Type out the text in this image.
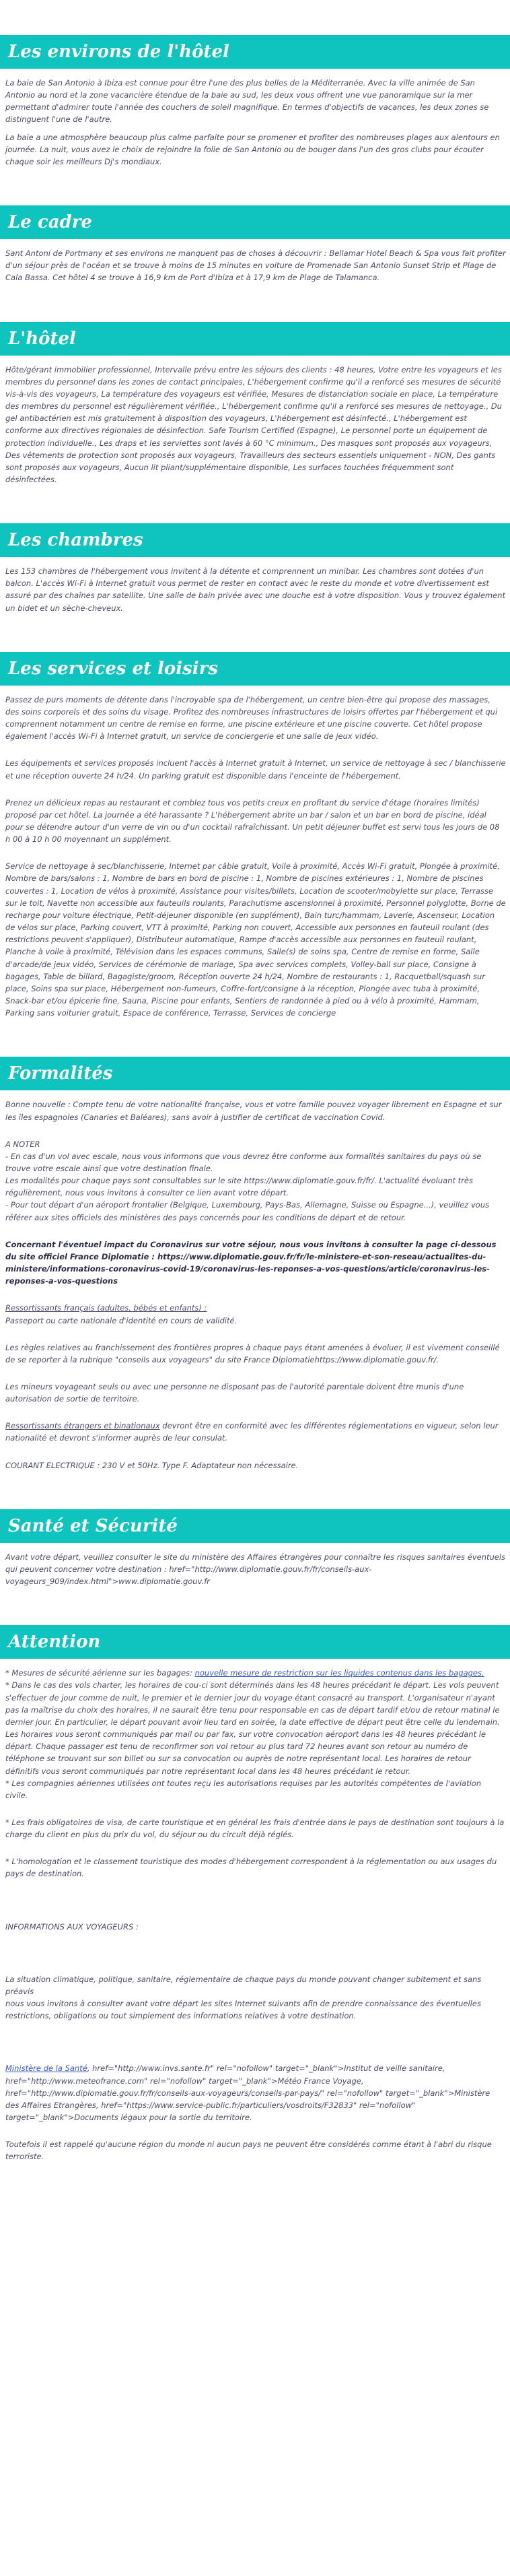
Les environs de l'hôtel

La baie de San Antonio à Ibiza est connue pour être l'une des plus belles de la Méditerranée. Avec la ville animée de San Antonio au nord et la zone vacancière étendue de la baie au sud, les deux vous offrent une vue panoramique sur la mer permettant d'admirer toute l'année des couchers de soleil magnifique. En termes d'objectifs de vacances, les deux zones se distinguent l'une de l'autre.

La baie a une atmosphère beaucoup plus calme parfaite pour se promener et profiter des nombreuses plages aux alentours en journée. La nuit, vous avez le choix de rejoindre la folie de San Antonio ou de bouger dans l'un des gros clubs pour écouter chaque soir les meilleurs Dj's mondiaux.

Le cadre

Sant Antoni de Portmany et ses environs ne manquent pas de choses à découvrir : Bellamar Hotel Beach & Spa vous fait profiter d'un séjour près de l'océan et se trouve à moins de 15 minutes en voiture de Promenade San Antonio Sunset Strip et Plage de Cala Bassa. Cet hôtel 4 se trouve à 16,9 km de Port d'Ibiza et à 17,9 km de Plage de Talamanca.

L'hôtel

Hôte/gérant immobilier professionnel, Intervalle prévu entre les séjours des clients : 48 heures, Votre entre les voyageurs et les membres du personnel dans les zones de contact principales, L'hébergement confirme qu'il a renforcé ses mesures de sécurité vis-à-vis des voyageurs, La température des voyageurs est vérifiée, Mesures de distanciation sociale en place, La température des membres du personnel est régulièrement vérifiée., L'hébergement confirme qu'il a renforcé ses mesures de nettoyage., Du gel antibactérien est mis gratuitement à disposition des voyageurs, L'hébergement est désinfecté., L'hébergement est conforme aux directives régionales de désinfection. Safe Tourism Certified (Espagne), Le personnel porte un équipement de protection individuelle., Les draps et les serviettes sont lavés à 60 °C minimum., Des masques sont proposés aux voyageurs, Des vêtements de protection sont proposés aux voyageurs, Travailleurs des secteurs essentiels uniquement - NON, Des gants sont proposés aux voyageurs, Aucun lit pliant/supplémentaire disponible, Les surfaces touchées fréquemment sont désinfectées.

Les chambres

Les 153 chambres de l'hébergement vous invitent à la détente et comprennent un minibar. Les chambres sont dotées d'un balcon. L'accès Wi-Fi à Internet gratuit vous permet de rester en contact avec le reste du monde et votre divertissement est assuré par des chaînes par satellite. Une salle de bain privée avec une douche est à votre disposition. Vous y trouvez également un bidet et un sèche-cheveux.

Les services et loisirs

Passez de purs moments de détente dans l'incroyable spa de l'hébergement, un centre bien-être qui propose des massages, des soins corporels et des soins du visage. Profitez des nombreuses infrastructures de loisirs offertes par l'hébergement et qui comprennent notamment un centre de remise en forme, une piscine extérieure et une piscine couverte. Cet hôtel propose également l'accès Wi-Fi à Internet gratuit, un service de conciergerie et une salle de jeux vidéo.

Les équipements et services proposés incluent l'accès à Internet gratuit à Internet, un service de nettoyage à sec / blanchisserie et une réception ouverte 24 h/24. Un parking gratuit est disponible dans l'enceinte de l'hébergement.

Prenez un délicieux repas au restaurant et comblez tous vos petits creux en profitant du service d'étage (horaires limités) proposé par cet hôtel. La journée a été harassante ? L'hébergement abrite un bar / salon et un bar en bord de piscine, idéal pour se détendre autour d'un verre de vin ou d'un cocktail rafraîchissant. Un petit déjeuner buffet est servi tous les jours de 08 h 00 à 10 h 00 moyennant un supplément.

Service de nettoyage à sec/blanchisserie, Internet par câble gratuit, Voile à proximité, Accès Wi-Fi gratuit, Plongée à proximité, Nombre de bars/salons : 1, Nombre de bars en bord de piscine : 1, Nombre de piscines extérieures : 1, Nombre de piscines couvertes : 1, Location de vélos à proximité, Assistance pour visites/billets, Location de scooter/mobylette sur place, Terrasse sur le toit, Navette non accessible aux fauteuils roulants, Parachutisme ascensionnel à proximité, Personnel polyglotte, Borne de recharge pour voiture électrique, Petit-déjeuner disponible (en supplément), Bain turc/hammam, Laverie, Ascenseur, Location de vélos sur place, Parking couvert, VTT à proximité, Parking non couvert, Accessible aux personnes en fauteuil roulant (des restrictions peuvent s'appliquer), Distributeur automatique, Rampe d'accès accessible aux personnes en fauteuil roulant, Planche à voile à proximité, Télévision dans les espaces communs, Salle(s) de soins spa, Centre de remise en forme, Salle d'arcade/de jeux vidéo, Services de cérémonie de mariage, Spa avec services complets, Volley-ball sur place, Consigne à bagages, Table de billard, Bagagiste/groom, Réception ouverte 24 h/24, Nombre de restaurants : 1, Racquetball/squash sur place, Soins spa sur place, Hébergement non-fumeurs, Coffre-fort/consigne à la réception, Plongée avec tuba à proximité, Snack-bar et/ou épicerie fine, Sauna, Piscine pour enfants, Sentiers de randonnée à pied ou à vélo à proximité, Hammam, Parking sans voiturier gratuit, Espace de conférence, Terrasse, Services de concierge

Formalités

Bonne nouvelle : Compte tenu de votre nationalité française, vous et votre famille pouvez voyager librement en Espagne et sur les îles espagnoles (Canaries et Baléares), sans avoir à justifier de certificat de vaccination Covid.

A NOTER

- En cas d'un vol avec escale, nous vous informons que vous devrez être conforme aux formalités sanitaires du pays où se trouve votre escale ainsi que votre destination finale.

Les modalités pour chaque pays sont consultables sur le site https://www.diplomatie.gouv.fr/fr/. L'actualité évoluant très régulièrement, nous vous invitons à consulter ce lien avant votre départ.

- Pour tout départ d'un aéroport frontalier (Belgique, Luxembourg, Pays-Bas, Allemagne, Suisse ou Espagne...), veuillez vous référer aux sites officiels des ministères des pays concernés pour les conditions de départ et de retour.

Concernant l'éventuel impact du Coronavirus sur votre séjour, nous vous invitons à consulter la page ci-dessous du site officiel France Diplomatie : https://www.diplomatie.gouv.fr/fr/le-ministere-et-son-reseau/actualites-du-ministere/informations-coronavirus-covid-19/coronavirus-les-reponses-a-vos-questions/article/coronavirus-les-reponses-a-vos-questions

Ressortissants français (adultes, bébés et enfants) :

Passeport ou carte nationale d'identité en cours de validité.

Les règles relatives au franchissement des frontières propres à chaque pays étant amenées à évoluer, il est vivement conseillé de se reporter à la rubrique "conseils aux voyageurs" du site France Diplomatiehttps://www.diplomatie.gouv.fr/.

Les mineurs voyageant seuls ou avec une personne ne disposant pas de l'autorité parentale doivent être munis d'une autorisation de sortie de territoire.

Ressortissants étrangers et binationaux devront être en conformité avec les différentes réglementations en vigueur, selon leur nationalité et devront s'informer auprès de leur consulat.

COURANT ELECTRIQUE : 230 V et 50Hz. Type F. Adaptateur non nécessaire.

Santé et Sécurité

Avant votre départ, veuillez consulter le site du ministère des Affaires étrangères pour connaître les risques sanitaires éventuels qui peuvent concerner votre destination : href="http://www.diplomatie.gouv.fr/fr/conseils-aux-voyageurs_909/index.html">www.diplomatie.gouv.fr

Attention

* Mesures de sécurité aérienne sur les bagages: nouvelle mesure de restriction sur les liquides contenus dans les bagages.

* Dans le cas des vols charter, les horaires de cou-ci sont déterminés dans les 48 heures précédant le départ. Les vols peuvent s'effectuer de jour comme de nuit, le premier et le dernier jour du voyage étant consacré au transport. L'organisateur n'ayant pas la maîtrise du choix des horaires, il ne saurait être tenu pour responsable en cas de départ tardif et/ou de retour matinal le dernier jour. En particulier, le départ pouvant avoir lieu tard en soirée, la date effective de départ peut être celle du lendemain. Les horaires vous seront communiqués par mail ou par fax, sur votre convocation aéroport dans les 48 heures précédant le départ. Chaque passager est tenu de reconfirmer son vol retour au plus tard 72 heures avant son retour au numéro de téléphone se trouvant sur son billet ou sur sa convocation ou auprès de notre représentant local. Les horaires de retour définitifs vous seront communiqués par notre représentant local dans les 48 heures précédant le retour.

* Les compagnies aériennes utilisées ont toutes reçu les autorisations requises par les autorités compétentes de l'aviation civile.

* Les frais obligatoires de visa, de carte touristique et en général les frais d'entrée dans le pays de destination sont toujours à la charge du client en plus du prix du vol, du séjour ou du circuit déjà réglés.

* L'homologation et le classement touristique des modes d'hébergement correspondent à la réglementation ou aux usages du pays de destination.

INFORMATIONS AUX VOYAGEURS :

La situation climatique, politique, sanitaire, réglementaire de chaque pays du monde pouvant changer subitement et sans préavis

nous vous invitons à consulter avant votre départ les sites Internet suivants afin de prendre connaissance des éventuelles restrictions, obligations ou tout simplement des informations relatives à votre destination.

Ministère de la Santé, href="http://www.invs.sante.fr" rel="nofollow" target="_blank">Institut de veille sanitaire, href="http://www.meteofrance.com" rel="nofollow" target="_blank">Météo France Voyage, href="http://www.diplomatie.gouv.fr/fr/conseils-aux-voyageurs/conseils-par-pays/" rel="nofollow" target="_blank">Ministère des Affaires Etrangères, href="https://www.service-public.fr/particuliers/vosdroits/F32833" rel="nofollow" target="_blank">Documents légaux pour la sortie du territoire.

Toutefois il est rappelé qu'aucune région du monde ni aucun pays ne peuvent être considérés comme étant à l'abri du risque terroriste.
